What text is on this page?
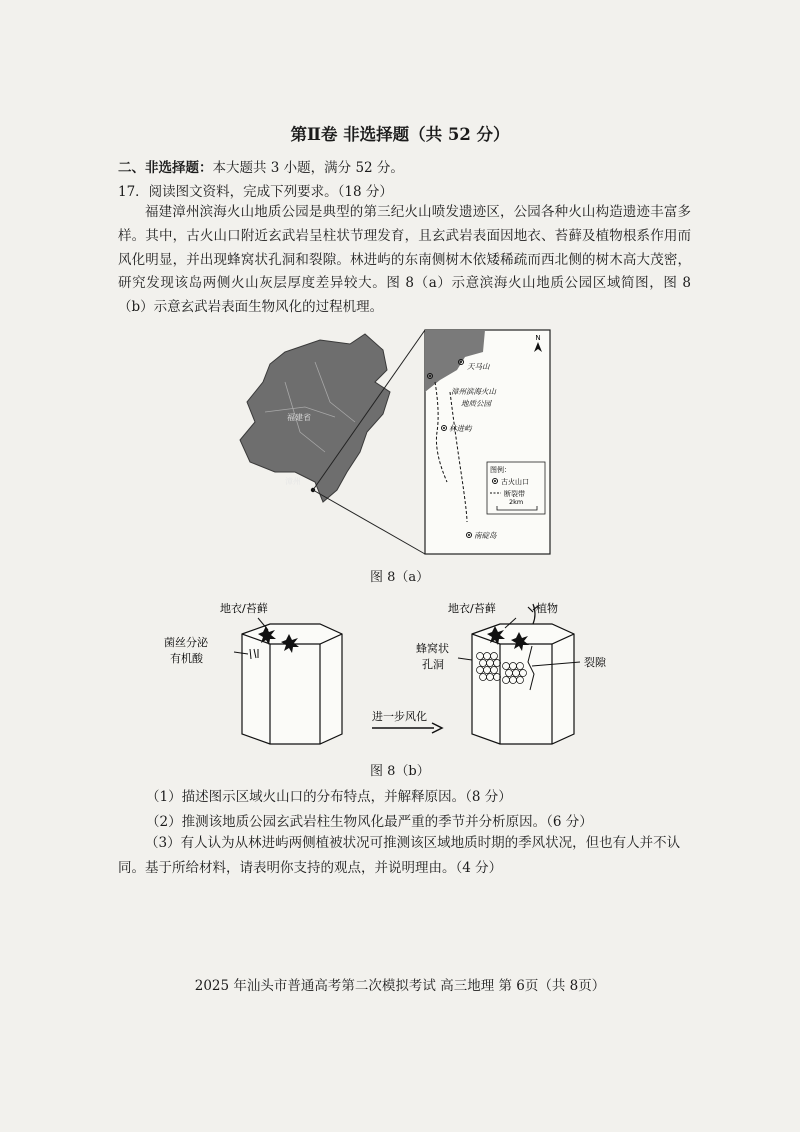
第Ⅱ卷 非选择题（共 52 分）
二、非选择题：本大题共 3 小题，满分 52 分。
17．阅读图文资料，完成下列要求。（18 分）
福建漳州滨海火山地质公园是典型的第三纪火山喷发遗迹区，公园各种火山构造遗迹丰富多样。其中，古火山口附近玄武岩呈柱状节理发育，且玄武岩表面因地衣、苔藓及植物根系作用而风化明显，并出现蜂窝状孔洞和裂隙。林进屿的东南侧树木依矮稀疏而西北侧的树木高大茂密，研究发现该岛两侧火山灰层厚度差异较大。图 8（a）示意滨海火山地质公园区域简图，图 8（b）示意玄武岩表面生物风化的过程机理。
福建省
漳州
N
天马山
漳州滨海火山
地质公园
林进屿
南碇岛
图例：
古火山口
断裂带
2km
图 8（a）
地衣/苔藓
菌丝分泌
有机酸
进一步风化
地衣/苔藓	植物
蜂窝状
孔洞	裂隙
图 8（b）
（1）描述图示区域火山口的分布特点，并解释原因。（8 分）
（2）推测该地质公园玄武岩柱生物风化最严重的季节并分析原因。（6 分）
（3）有人认为从林进屿两侧植被状况可推测该区域地质时期的季风状况，但也有人并不认同。基于所给材料，请表明你支持的观点，并说明理由。（4 分）
2025 年汕头市普通高考第二次模拟考试 高三地理 第 6页（共 8页）
